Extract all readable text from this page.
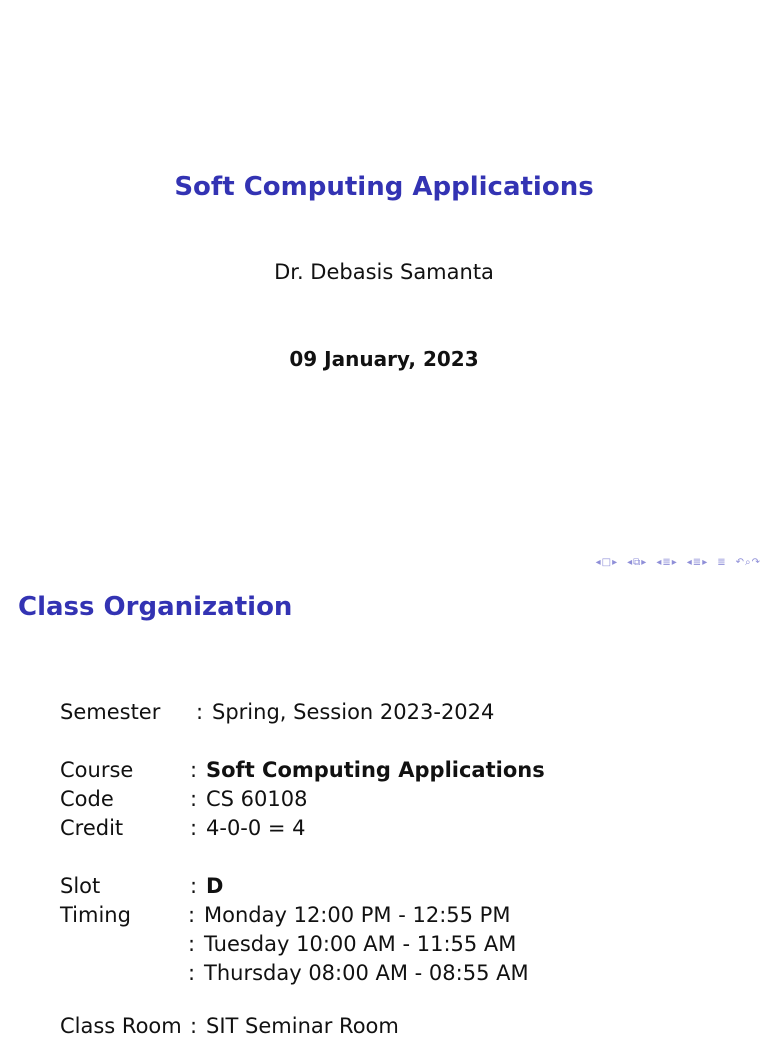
Soft Computing Applications
Dr. Debasis Samanta
09 January, 2023
◂ □ ▸ ◂ ⧉ ▸ ◂ ≣ ▸ ◂ ≣ ▸ ≣ ↶ ⌕ ↷
Class Organization
Semester : Spring, Session 2023-2024
Course	: Soft Computing Applications
Code	: CS 60108
Credit	: 4-0-0 = 4
Slot	: D
Timing	: Monday 12:00 PM - 12:55 PM
: Tuesday 10:00 AM - 11:55 AM
: Thursday 08:00 AM - 08:55 AM
Class Room : SIT Seminar Room
